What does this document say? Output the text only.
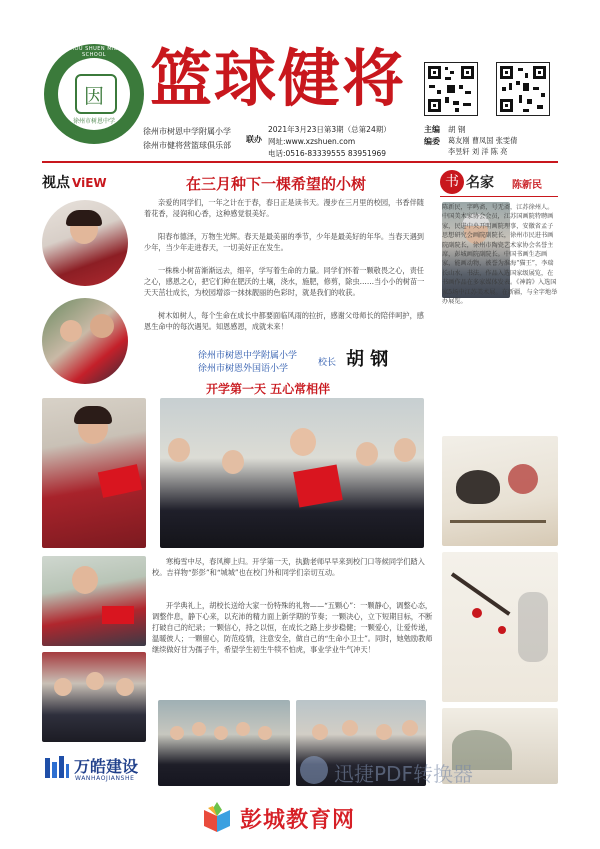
因
徐州市树恩中学
XUZHOU SHUEN MIDDLE SCHOOL 篮球健将
徐州市树恩中学附属小学
徐州市健将营篮球俱乐部
联办
2021年3月23日第3期（总第24期）
网址:www.xzshuen.com
电话:0516-83339555 83951969
主编 胡 钢
编委 葛友刚 曹凤国 张雯倩
李昱轩 刘 洋 陈 亮
视点 ViEW	在三月种下一棵希望的小树

亲爱的同学们，一年之计在于春，春日正是读书天。漫步在三月里的校园，书香伴随着花香，浸润和心香，这种感觉很美好。

阳春布德泽，万物生光辉。春天是最美丽的季节，少年是最美好的年华。当春天遇到少年，当少年走进春天，一切美好正在发生。

一株株小树苗渐渐远去，细辛，学写着生命的力量。同学们怀着一颗敬畏之心，责任之心，感恩之心，把它们种在肥沃的土壤，浇水，施肥，修剪，除虫……当小小的树苗一天天茁壮成长，为校园增添一抹抹靓丽的色彩时，就是我们的收获。

树木如树人，每个生命在成长中都要面临风雨的拉折，感谢父母师长的陪伴呵护，感恩生命中的每次遇见。知恩感恩，成就未来！

徐州市树恩中学附属小学
徐州市树恩外国语小学
校长 胡 钢
开学第一天 五心常相伴
书 名家 陈新民

陈新民，字鸣斋，号无斋，江苏徐州人。中国美术家协会会员，江苏国画院特聘画家，民进中央开明画院理事，安徽省孟子思想研究会画院副院长，徐州市民进书画院副院长，徐州市陶瓷艺术家协会名誉主席，彭城画院副院长。中国书画生态画家，能画动物，被誉为淮海“猫王”，李瑞长山水，书法，作品入选国家级展览，在书画作品在多家媒体发表。《神韵》入选国家5场中江苏美术展。在新疆，与全字地举办展览。

寒梅雪中尽，春风柳上归。开学第一天，执勤老师早早来到校门口等候同学们踏入校。吉祥物“彭彭”和“城城”也在校门外和同学们亲切互动。

开学典礼上，胡校长送给大家一份特殊的礼物——“五颗心”：一颗静心，调整心态，调整作息，静下心来，以充沛的精力面上新学期的节奏；一颗决心，立下短期目标，不断打破自己的纪录；一颗信心，持之以恒，在成长之路上步步稳健；一颗爱心，让爱传递，温暖彼人；一颗留心，防范疫情，注意安全，做自己的“生命小卫士”。同时，她勉励教师继续做好甘为孺子牛，希望学生初生牛犊不怕虎，事业学业牛气冲天！

万皓建设
WANHAOJIANSHE	迅捷PDF转换器
彭城教育网
